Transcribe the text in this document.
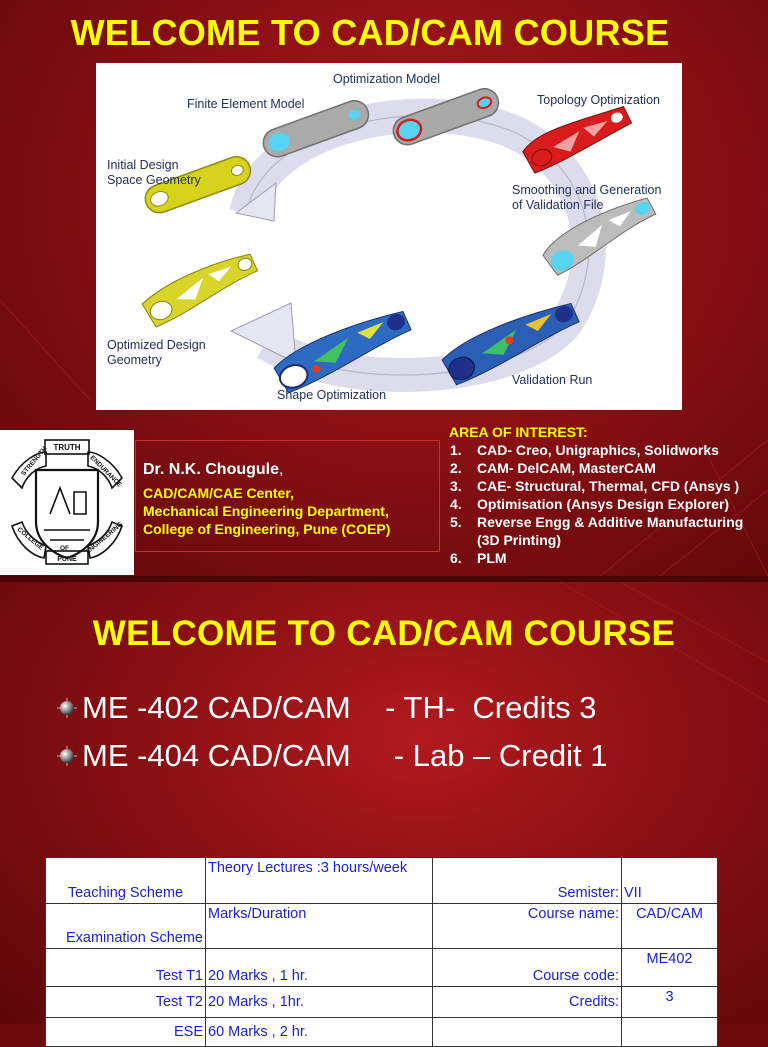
WELCOME TO CAD/CAM COURSE
Initial Design
Space Geometry
Finite Element Model
Optimization Model
Topology Optimization
Smoothing and Generation
of Validation File
Validation Run
Shape Optimization
Optimized Design
Geometry
TRUTH
STRENGTH	ENDURANCE
COLLEGE OF ENGINEERING
PUNE
Dr. N.K. Chougule,
CAD/CAM/CAE Center,
Mechanical Engineering Department,
College of Engineering, Pune (COEP)
AREA OF INTEREST:
1. CAD- Creo, Unigraphics, Solidworks
2. CAM- DelCAM, MasterCAM
3. CAE- Structural, Thermal, CFD (Ansys )
4. Optimisation (Ansys Design Explorer)
5. Reverse Engg & Additive Manufacturing (3D Printing)
6. PLM
WELCOME TO CAD/CAM COURSE
ME -402 CAD/CAM    - TH-  Credits 3
ME -404 CAD/CAM     - Lab – Credit 1
Teaching Scheme	Theory Lectures :3 hours/week	Semister:	VII
Examination Scheme	Marks/Duration	Course name:	CAD/CAM
Test T1	20 Marks , 1 hr.	Course code:	ME402
Test T2	20 Marks , 1hr.	Credits:	3
ESE	60 Marks , 2 hr.		
